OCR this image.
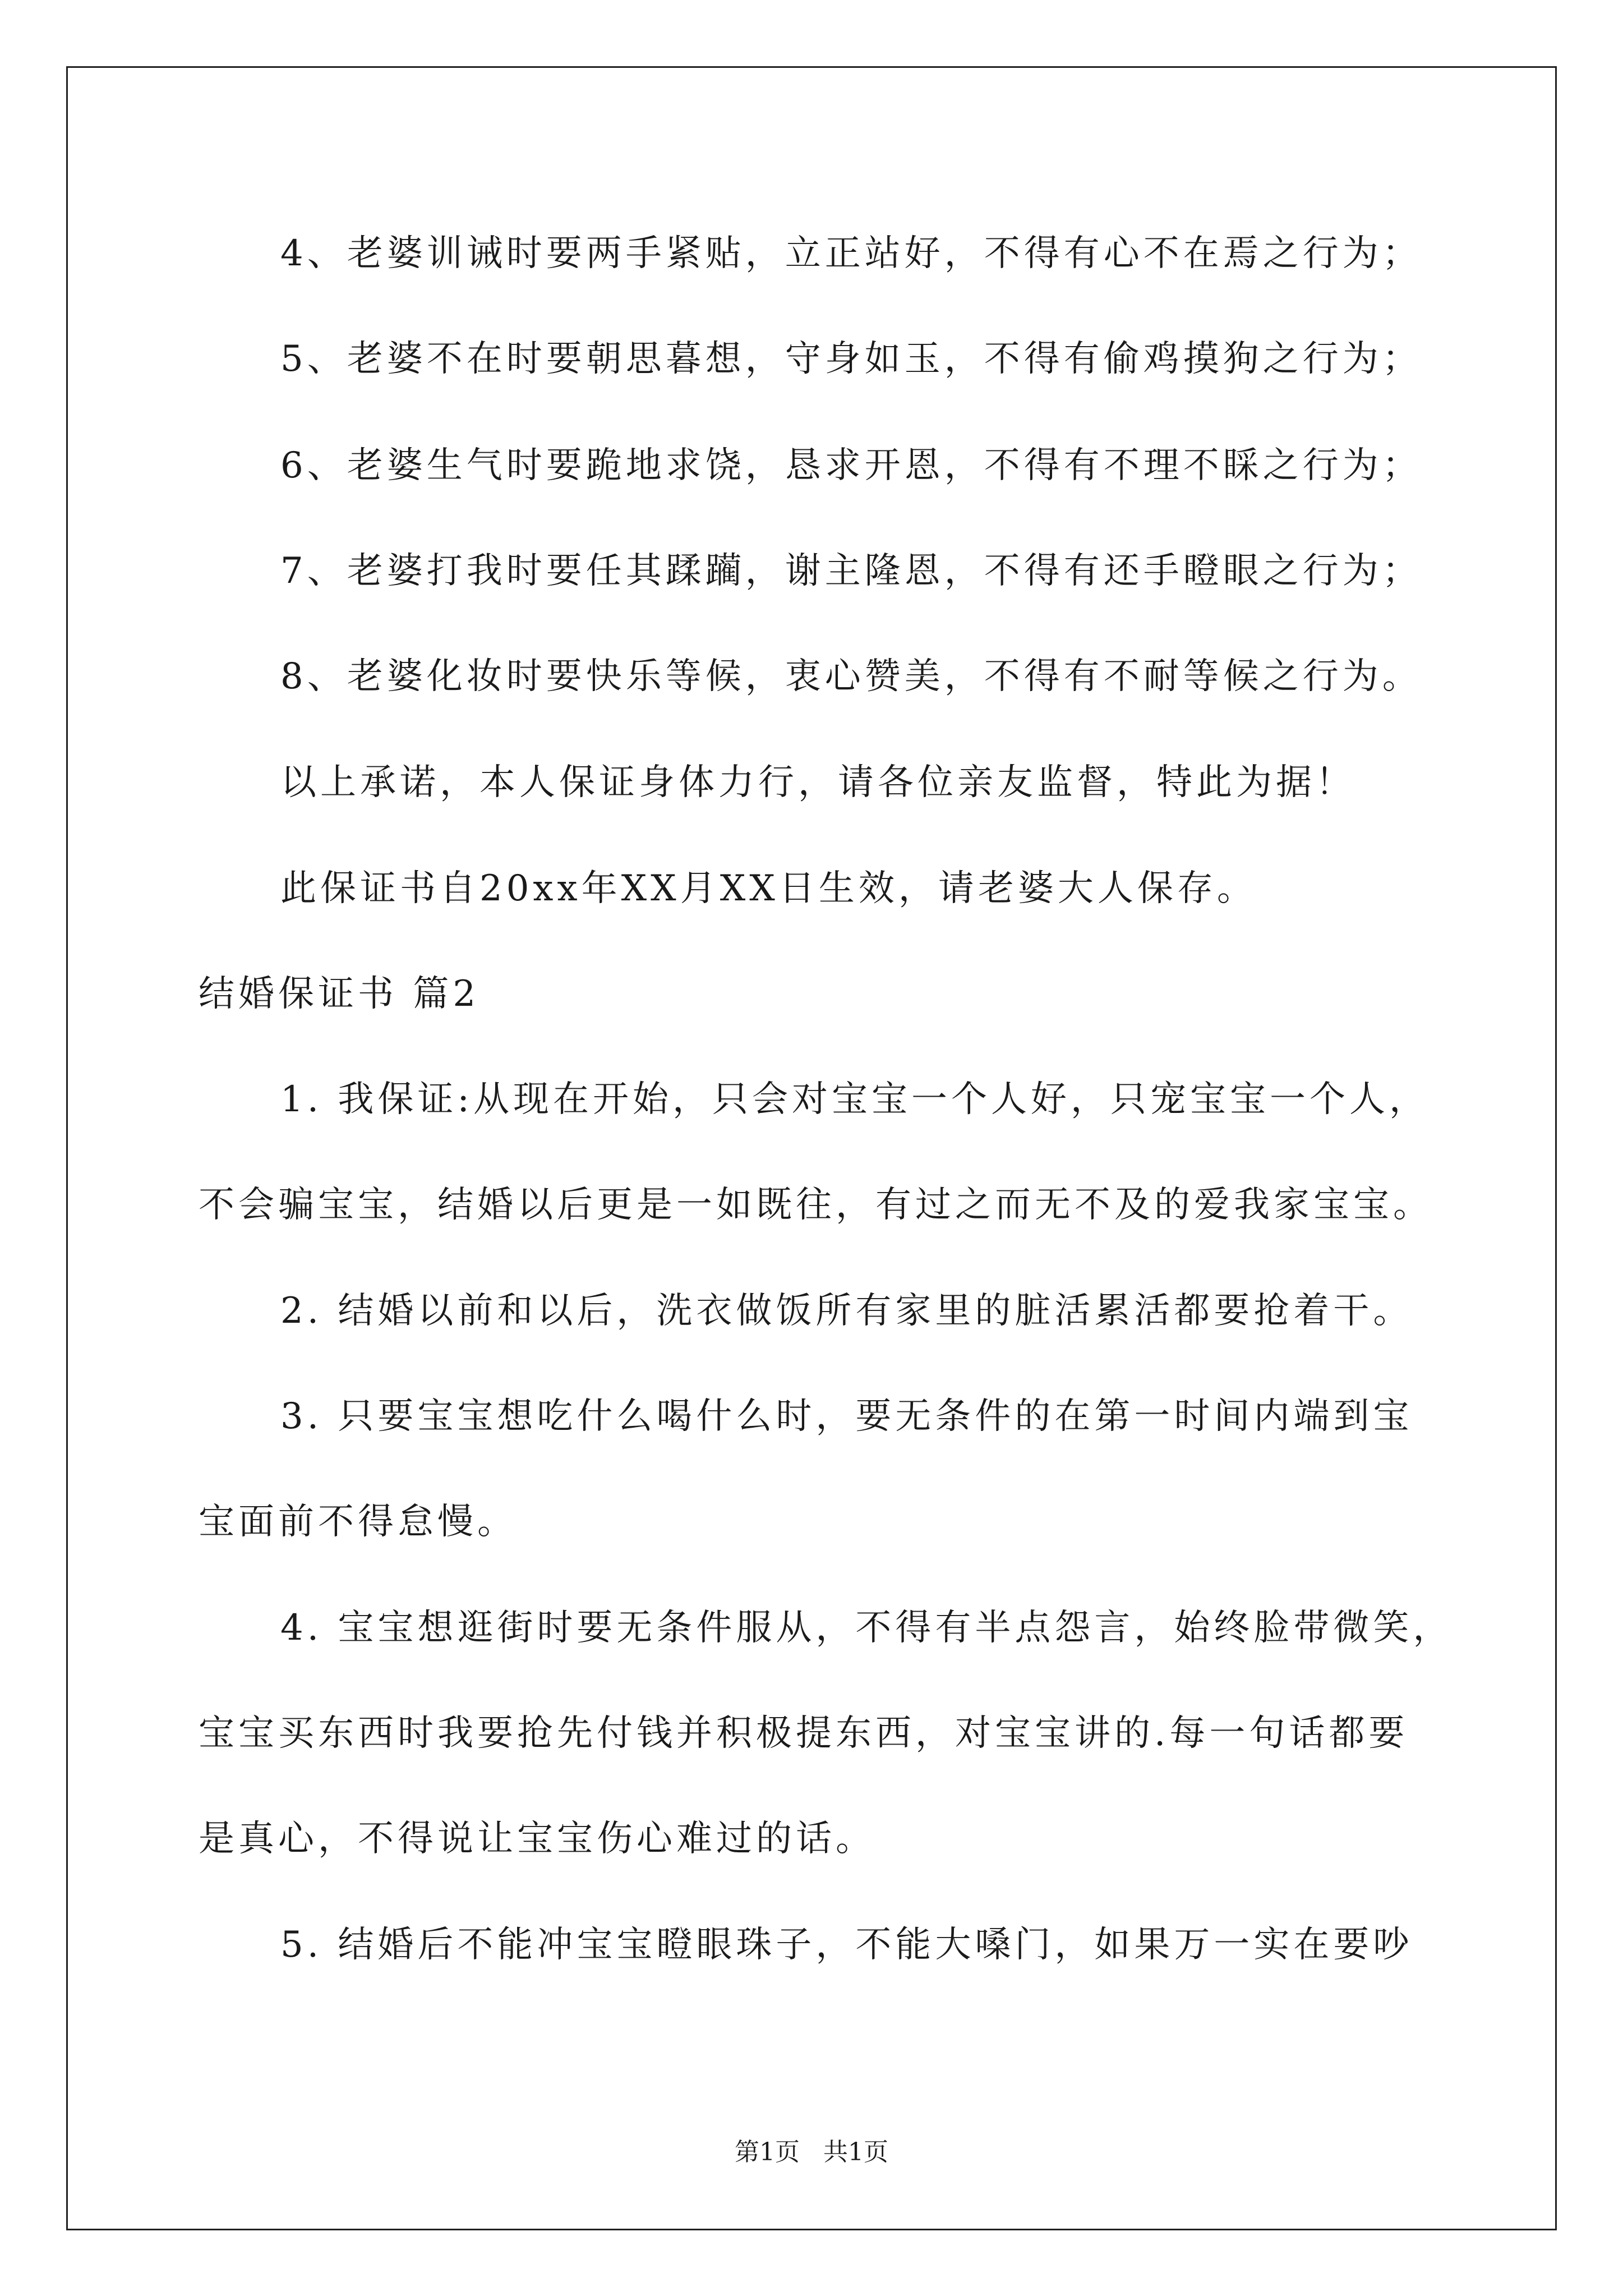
4、老婆训诫时要两手紧贴，立正站好，不得有心不在焉之行为；
5、老婆不在时要朝思暮想，守身如玉，不得有偷鸡摸狗之行为；
6、老婆生气时要跪地求饶，恳求开恩，不得有不理不睬之行为；
7、老婆打我时要任其蹂躏，谢主隆恩，不得有还手瞪眼之行为；
8、老婆化妆时要快乐等候，衷心赞美，不得有不耐等候之行为。
以上承诺，本人保证身体力行，请各位亲友监督，特此为据！
此保证书自20xx年XX月XX日生效，请老婆大人保存。
结婚保证书 篇2
1. 我保证:从现在开始，只会对宝宝一个人好，只宠宝宝一个人，
不会骗宝宝，结婚以后更是一如既往，有过之而无不及的爱我家宝宝。
2. 结婚以前和以后，洗衣做饭所有家里的脏活累活都要抢着干。
3. 只要宝宝想吃什么喝什么时，要无条件的在第一时间内端到宝
宝面前不得怠慢。
4. 宝宝想逛街时要无条件服从，不得有半点怨言，始终脸带微笑，
宝宝买东西时我要抢先付钱并积极提东西，对宝宝讲的.每一句话都要
是真心，不得说让宝宝伤心难过的话。
5. 结婚后不能冲宝宝瞪眼珠子，不能大嗓门，如果万一实在要吵
第1页   共1页
